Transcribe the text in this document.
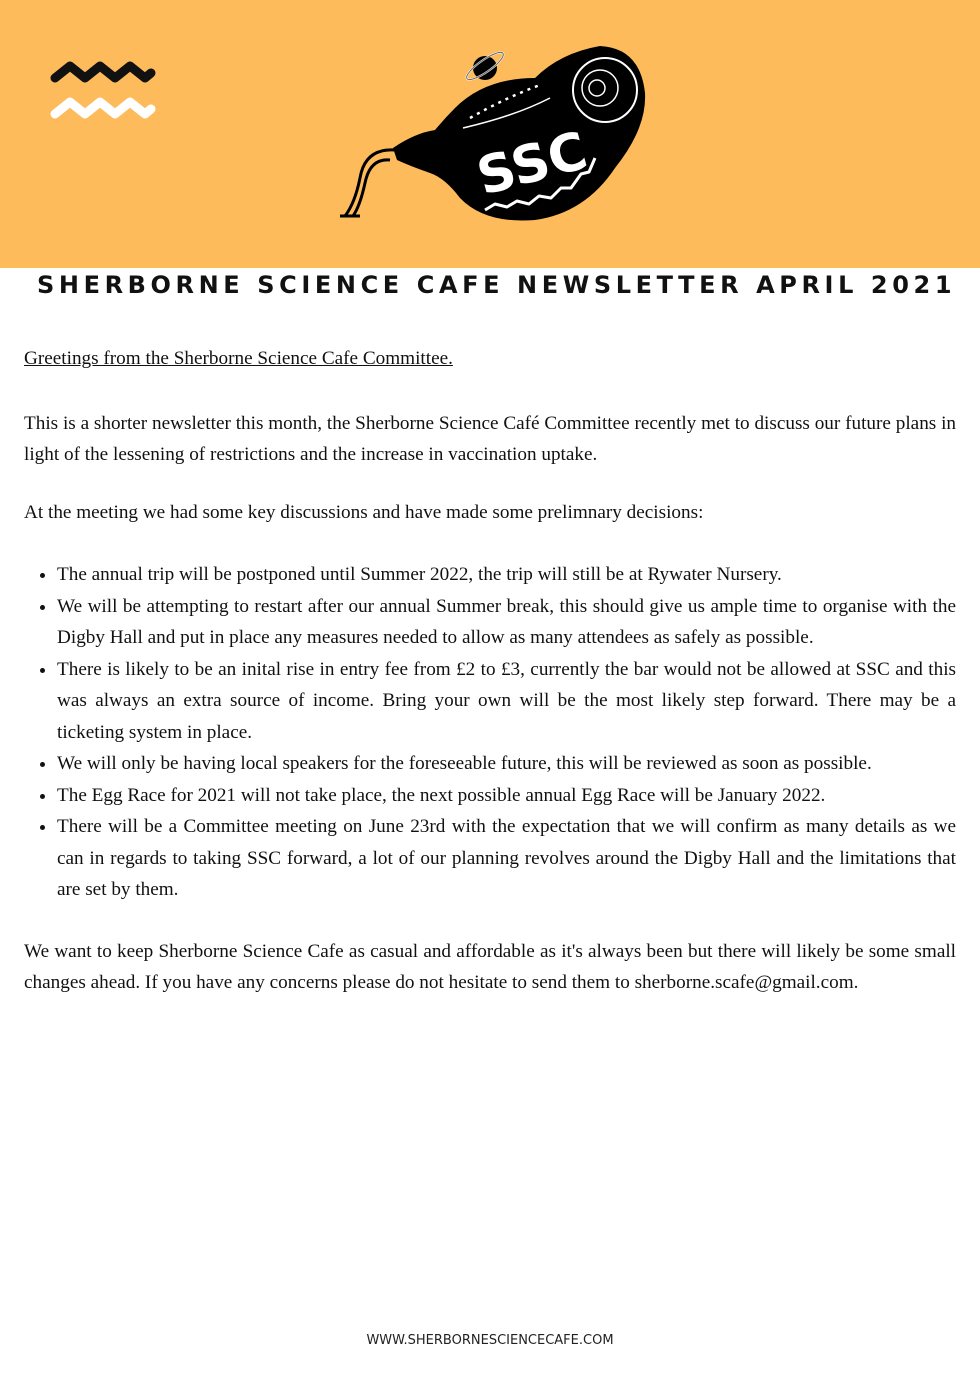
SSC
SHERBORNE SCIENCE CAFE NEWSLETTER APRIL 2021

Greetings from the Sherborne Science Cafe Committee.

This is a shorter newsletter this month, the Sherborne Science Café Committee recently met to discuss our future plans in light of the lessening of restrictions and the increase in vaccination uptake.

At the meeting we had some key discussions and have made some prelimnary decisions:

• The annual trip will be postponed until Summer 2022, the trip will still be at Rywater Nursery.
• We will be attempting to restart after our annual Summer break, this should give us ample time to organise with the Digby Hall and put in place any measures needed to allow as many attendees as safely as possible.
• There is likely to be an inital rise in entry fee from £2 to £3, currently the bar would not be allowed at SSC and this was always an extra source of income. Bring your own will be the most likely step forward. There may be a ticketing system in place.
• We will only be having local speakers for the foreseeable future, this will be reviewed as soon as possible.
• The Egg Race for 2021 will not take place, the next possible annual Egg Race will be January 2022.
• There will be a Committee meeting on June 23rd with the expectation that we will confirm as many details as we can in regards to taking SSC forward, a lot of our planning revolves around the Digby Hall and the limitations that are set by them.

We want to keep Sherborne Science Cafe as casual and affordable as it's always been but there will likely be some small changes ahead. If you have any concerns please do not hesitate to send them to sherborne.scafe@gmail.com.

WWW.SHERBORNESCIENCECAFE.COM
